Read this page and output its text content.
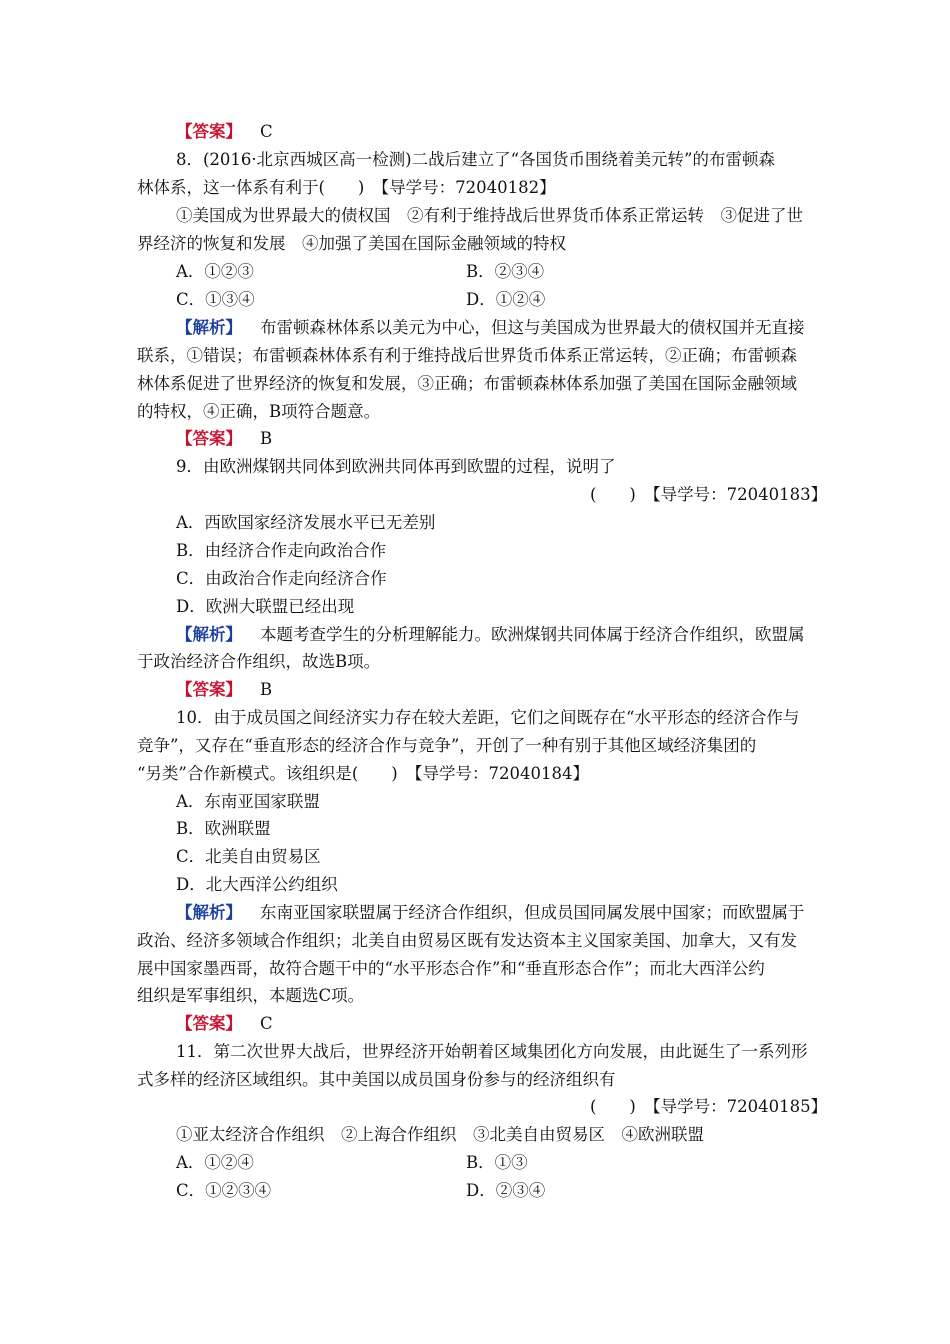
【答案】 C
8．(2016·北京西城区高一检测)二战后建立了“各国货币围绕着美元转”的布雷顿森
林体系，这一体系有利于(　　)　【导学号：72040182】
①美国成为世界最大的债权国　②有利于维持战后世界货币体系正常运转　③促进了世
界经济的恢复和发展　④加强了美国在国际金融领域的特权
A．①②③	B．②③④
C．①③④	D．①②④
【解析】 布雷顿森林体系以美元为中心，但这与美国成为世界最大的债权国并无直接
联系，①错误；布雷顿森林体系有利于维持战后世界货币体系正常运转，②正确；布雷顿森
林体系促进了世界经济的恢复和发展，③正确；布雷顿森林体系加强了美国在国际金融领域
的特权，④正确，B项符合题意。
【答案】 B
9．由欧洲煤钢共同体到欧洲共同体再到欧盟的过程，说明了
(　　)　【导学号：72040183】
A．西欧国家经济发展水平已无差别
B．由经济合作走向政治合作
C．由政治合作走向经济合作
D．欧洲大联盟已经出现
【解析】 本题考查学生的分析理解能力。欧洲煤钢共同体属于经济合作组织，欧盟属
于政治经济合作组织，故选B项。
【答案】 B
10．由于成员国之间经济实力存在较大差距，它们之间既存在“水平形态的经济合作与
竞争”，又存在“垂直形态的经济合作与竞争”，开创了一种有别于其他区域经济集团的
“另类”合作新模式。该组织是(　　)　【导学号：72040184】
A．东南亚国家联盟
B．欧洲联盟
C．北美自由贸易区
D．北大西洋公约组织
【解析】 东南亚国家联盟属于经济合作组织，但成员国同属发展中国家；而欧盟属于
政治、经济多领域合作组织；北美自由贸易区既有发达资本主义国家美国、加拿大，又有发
展中国家墨西哥，故符合题干中的“水平形态合作”和“垂直形态合作”；而北大西洋公约
组织是军事组织，本题选C项。
【答案】 C
11．第二次世界大战后，世界经济开始朝着区域集团化方向发展，由此诞生了一系列形
式多样的经济区域组织。其中美国以成员国身份参与的经济组织有
(　　)　【导学号：72040185】
①亚太经济合作组织　②上海合作组织　③北美自由贸易区　④欧洲联盟
A．①②④	B．①③
C．①②③④	D．②③④
